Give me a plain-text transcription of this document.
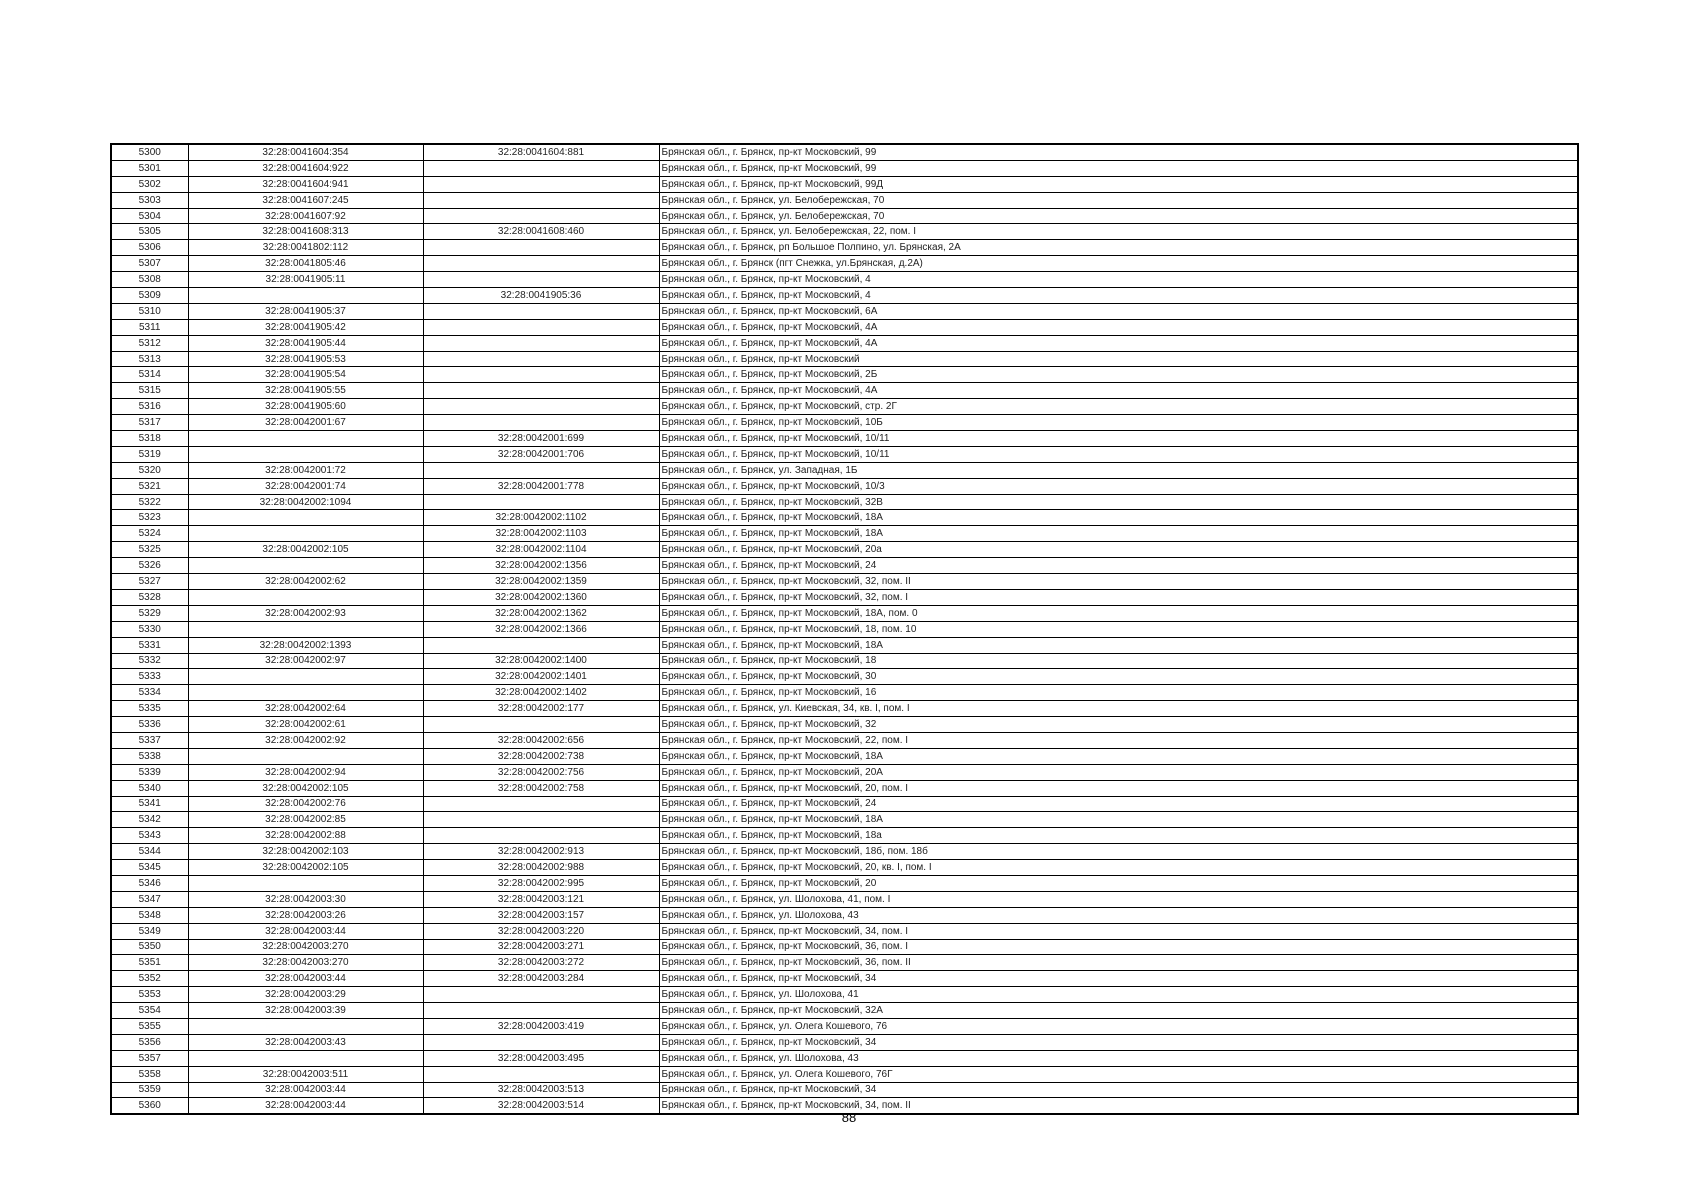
5300	32:28:0041604:354	32:28:0041604:881	Брянская обл., г. Брянск, пр-кт Московский, 99
5301	32:28:0041604:922		Брянская обл., г. Брянск, пр-кт Московский, 99
5302	32:28:0041604:941		Брянская обл., г. Брянск, пр-кт Московский, 99Д
5303	32:28:0041607:245		Брянская обл., г. Брянск, ул. Белобережская, 70
5304	32:28:0041607:92		Брянская обл., г. Брянск, ул. Белобережская, 70
5305	32:28:0041608:313	32:28:0041608:460	Брянская обл., г. Брянск, ул. Белобережская, 22, пом. I
5306	32:28:0041802:112		Брянская обл., г. Брянск, рп Большое Полпино, ул. Брянская, 2А
5307	32:28:0041805:46		Брянская обл., г. Брянск (пгт Снежка, ул.Брянская, д.2А)
5308	32:28:0041905:11		Брянская обл., г. Брянск, пр-кт Московский, 4
5309		32:28:0041905:36	Брянская обл., г. Брянск, пр-кт Московский, 4
5310	32:28:0041905:37		Брянская обл., г. Брянск, пр-кт Московский, 6А
5311	32:28:0041905:42		Брянская обл., г. Брянск, пр-кт Московский, 4А
5312	32:28:0041905:44		Брянская обл., г. Брянск, пр-кт Московский, 4А
5313	32:28:0041905:53		Брянская обл., г. Брянск, пр-кт Московский
5314	32:28:0041905:54		Брянская обл., г. Брянск, пр-кт Московский, 2Б
5315	32:28:0041905:55		Брянская обл., г. Брянск, пр-кт Московский, 4А
5316	32:28:0041905:60		Брянская обл., г. Брянск, пр-кт Московский, стр. 2Г
5317	32:28:0042001:67		Брянская обл., г. Брянск, пр-кт Московский, 10Б
5318		32:28:0042001:699	Брянская обл., г. Брянск, пр-кт Московский, 10/11
5319		32:28:0042001:706	Брянская обл., г. Брянск, пр-кт Московский, 10/11
5320	32:28:0042001:72		Брянская обл., г. Брянск, ул. Западная, 1Б
5321	32:28:0042001:74	32:28:0042001:778	Брянская обл., г. Брянск, пр-кт Московский, 10/3
5322	32:28:0042002:1094		Брянская обл., г. Брянск, пр-кт Московский, 32В
5323		32:28:0042002:1102	Брянская обл., г. Брянск, пр-кт Московский, 18А
5324		32:28:0042002:1103	Брянская обл., г. Брянск, пр-кт Московский, 18А
5325	32:28:0042002:105	32:28:0042002:1104	Брянская обл., г. Брянск, пр-кт Московский, 20а
5326		32:28:0042002:1356	Брянская обл., г. Брянск, пр-кт Московский, 24
5327	32:28:0042002:62	32:28:0042002:1359	Брянская обл., г. Брянск, пр-кт Московский, 32, пом. II
5328		32:28:0042002:1360	Брянская обл., г. Брянск, пр-кт Московский, 32, пом. I
5329	32:28:0042002:93	32:28:0042002:1362	Брянская обл., г. Брянск, пр-кт Московский, 18А, пом. 0
5330		32:28:0042002:1366	Брянская обл., г. Брянск, пр-кт Московский, 18, пом. 10
5331	32:28:0042002:1393		Брянская обл., г. Брянск, пр-кт Московский, 18А
5332	32:28:0042002:97	32:28:0042002:1400	Брянская обл., г. Брянск, пр-кт Московский, 18
5333		32:28:0042002:1401	Брянская обл., г. Брянск, пр-кт Московский, 30
5334		32:28:0042002:1402	Брянская обл., г. Брянск, пр-кт Московский, 16
5335	32:28:0042002:64	32:28:0042002:177	Брянская обл., г. Брянск, ул. Киевская, 34, кв. I, пом. I
5336	32:28:0042002:61		Брянская обл., г. Брянск, пр-кт Московский, 32
5337	32:28:0042002:92	32:28:0042002:656	Брянская обл., г. Брянск, пр-кт Московский, 22, пом. I
5338		32:28:0042002:738	Брянская обл., г. Брянск, пр-кт Московский, 18А
5339	32:28:0042002:94	32:28:0042002:756	Брянская обл., г. Брянск, пр-кт Московский, 20А
5340	32:28:0042002:105	32:28:0042002:758	Брянская обл., г. Брянск, пр-кт Московский, 20, пом. I
5341	32:28:0042002:76		Брянская обл., г. Брянск, пр-кт Московский, 24
5342	32:28:0042002:85		Брянская обл., г. Брянск, пр-кт Московский, 18А
5343	32:28:0042002:88		Брянская обл., г. Брянск, пр-кт Московский, 18а
5344	32:28:0042002:103	32:28:0042002:913	Брянская обл., г. Брянск, пр-кт Московский, 18б, пом. 18б
5345	32:28:0042002:105	32:28:0042002:988	Брянская обл., г. Брянск, пр-кт Московский, 20, кв. I, пом. I
5346		32:28:0042002:995	Брянская обл., г. Брянск, пр-кт Московский, 20
5347	32:28:0042003:30	32:28:0042003:121	Брянская обл., г. Брянск, ул. Шолохова, 41, пом. I
5348	32:28:0042003:26	32:28:0042003:157	Брянская обл., г. Брянск, ул. Шолохова, 43
5349	32:28:0042003:44	32:28:0042003:220	Брянская обл., г. Брянск, пр-кт Московский, 34, пом. I
5350	32:28:0042003:270	32:28:0042003:271	Брянская обл., г. Брянск, пр-кт Московский, 36, пом. I
5351	32:28:0042003:270	32:28:0042003:272	Брянская обл., г. Брянск, пр-кт Московский, 36, пом. II
5352	32:28:0042003:44	32:28:0042003:284	Брянская обл., г. Брянск, пр-кт Московский, 34
5353	32:28:0042003:29		Брянская обл., г. Брянск, ул. Шолохова, 41
5354	32:28:0042003:39		Брянская обл., г. Брянск, пр-кт Московский, 32А
5355		32:28:0042003:419	Брянская обл., г. Брянск, ул. Олега Кошевого, 76
5356	32:28:0042003:43		Брянская обл., г. Брянск, пр-кт Московский, 34
5357		32:28:0042003:495	Брянская обл., г. Брянск, ул. Шолохова, 43
5358	32:28:0042003:511		Брянская обл., г. Брянск, ул. Олега Кошевого, 76Г
5359	32:28:0042003:44	32:28:0042003:513	Брянская обл., г. Брянск, пр-кт Московский, 34
5360	32:28:0042003:44	32:28:0042003:514	Брянская обл., г. Брянск, пр-кт Московский, 34, пом. II
88
